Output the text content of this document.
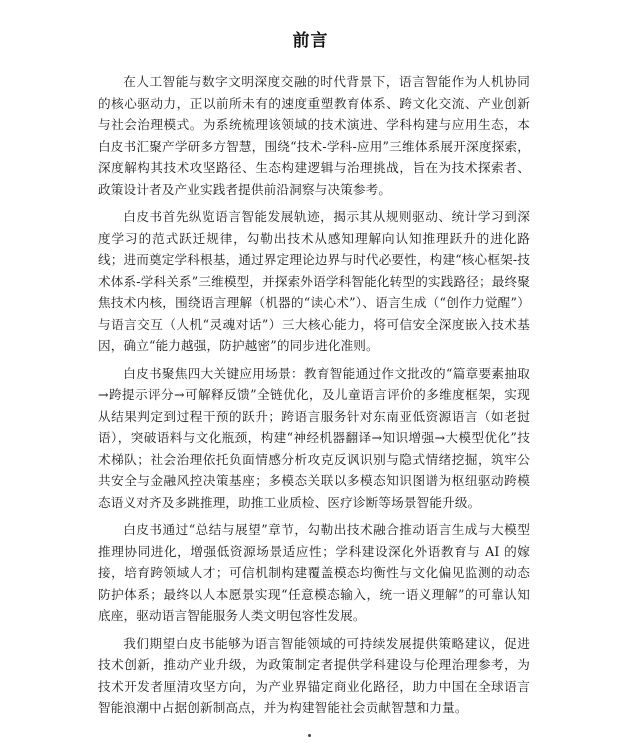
前言

在人工智能与数字文明深度交融的时代背景下，语言智能作为人机协同的核心驱动力，正以前所未有的速度重塑教育体系、跨文化交流、产业创新与社会治理模式。为系统梳理该领域的技术演进、学科构建与应用生态，本白皮书汇聚产学研多方智慧，围绕“技术-学科-应用”三维体系展开深度探索，深度解构其技术攻坚路径、生态构建逻辑与治理挑战，旨在为技术探索者、政策设计者及产业实践者提供前沿洞察与决策参考。

白皮书首先纵览语言智能发展轨迹，揭示其从规则驱动、统计学习到深度学习的范式跃迁规律，勾勒出技术从感知理解向认知推理跃升的进化路线；进而奠定学科根基，通过界定理论边界与时代必要性，构建“核心框架-技术体系-学科关系”三维模型，并探索外语学科智能化转型的实践路径；最终聚焦技术内核，围绕语言理解（机器的“读心术”）、语言生成（“创作力觉醒”）与语言交互（人机“灵魂对话”）三大核心能力，将可信安全深度嵌入技术基因，确立“能力越强，防护越密”的同步进化准则。

白皮书聚焦四大关键应用场景：教育智能通过作文批改的“篇章要素抽取→跨提示评分→可解释反馈”全链优化，及儿童语言评价的多维度框架，实现从结果判定到过程干预的跃升；跨语言服务针对东南亚低资源语言（如老挝语），突破语料与文化瓶颈，构建“神经机器翻译→知识增强→大模型优化”技术梯队；社会治理依托负面情感分析攻克反讽识别与隐式情绪挖掘，筑牢公共安全与金融风控决策基座；多模态关联以多模态知识图谱为枢纽驱动跨模态语义对齐及多跳推理，助推工业质检、医疗诊断等场景智能升级。

白皮书通过“总结与展望”章节，勾勒出技术融合推动语言生成与大模型推理协同进化，增强低资源场景适应性；学科建设深化外语教育与 AI 的嫁接，培育跨领域人才；可信机制构建覆盖模态均衡性与文化偏见监测的动态防护体系；最终以人本愿景实现“任意模态输入，统一语义理解”的可靠认知底座，驱动语言智能服务人类文明包容性发展。

我们期望白皮书能够为语言智能领域的可持续发展提供策略建议，促进技术创新，推动产业升级，为政策制定者提供学科建设与伦理治理参考，为技术开发者厘清攻坚方向，为产业界锚定商业化路径，助力中国在全球语言智能浪潮中占据创新制高点，并为构建智能社会贡献智慧和力量。
